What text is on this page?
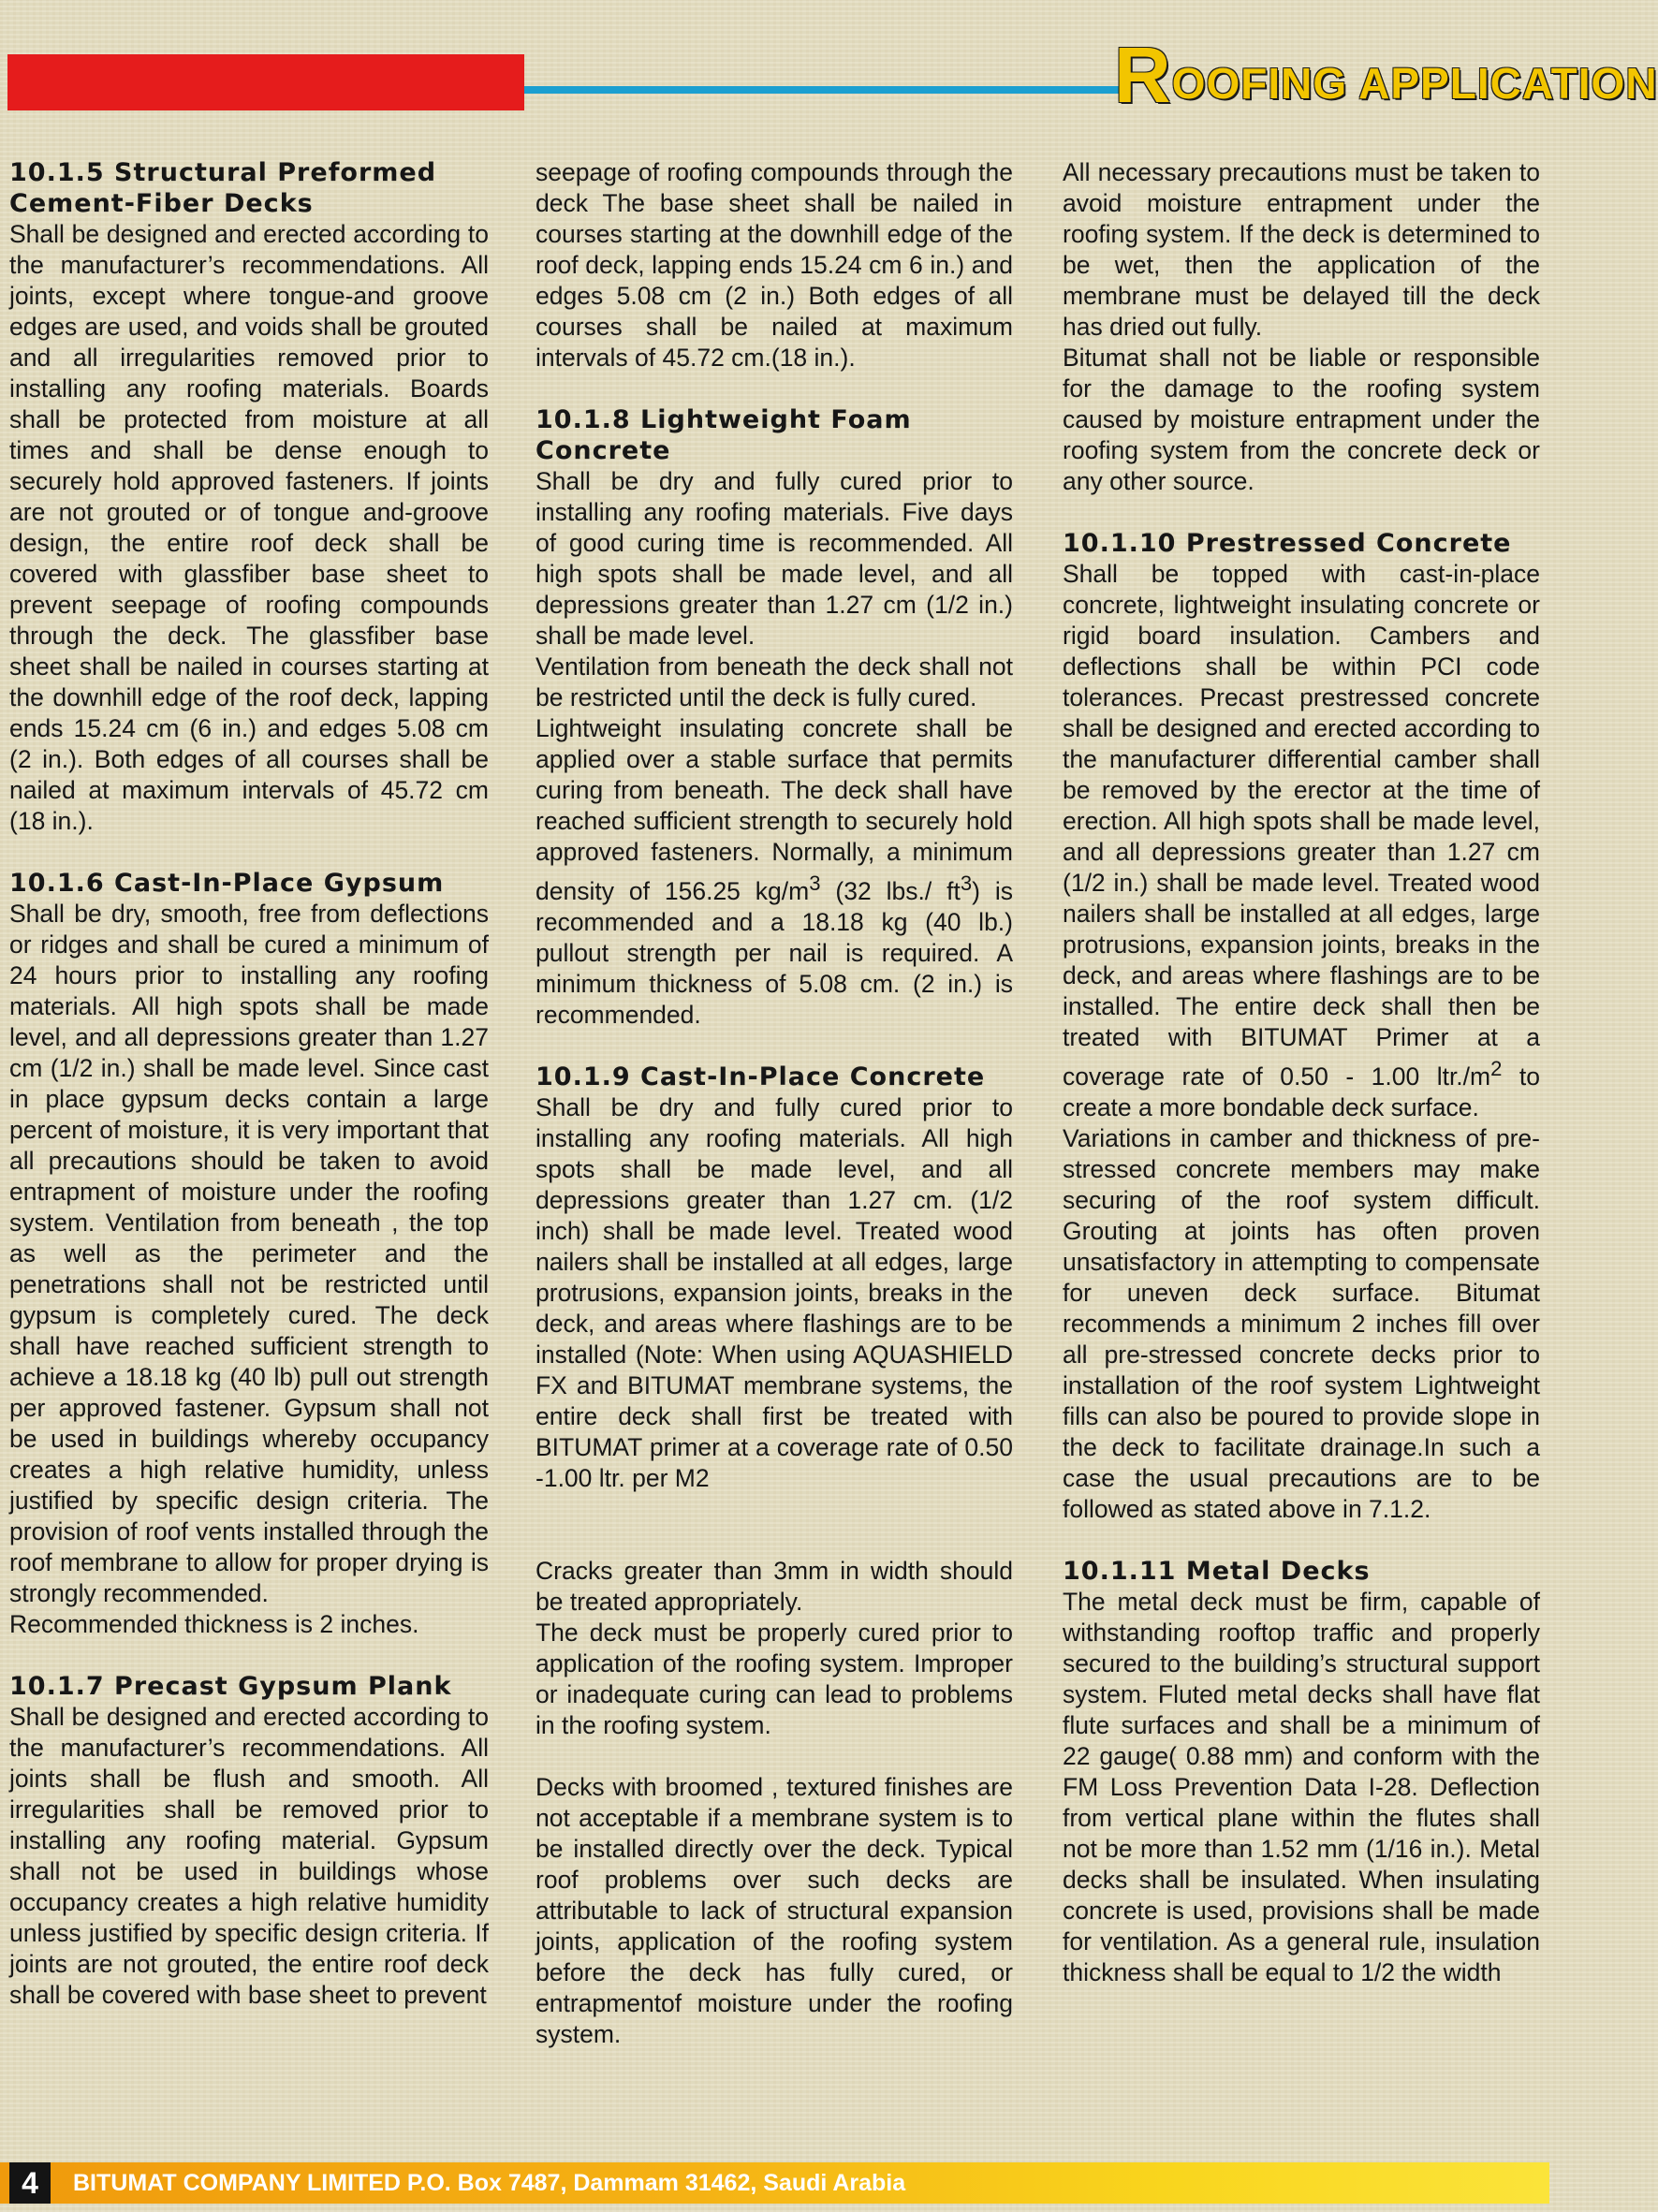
ROOFING APPLICATION
10.1.5 Structural Preformed Cement-Fiber Decks

Shall be designed and erected according to the manufacturer’s recommendations. All joints, except where tongue-and groove edges are used, and voids shall be grouted and all irregularities removed prior to installing any roofing materials. Boards shall be protected from moisture at all times and shall be dense enough to securely hold approved fasteners. If joints are not grouted or of tongue and-groove design, the entire roof deck shall be covered with glassfiber base sheet to prevent seepage of roofing compounds through the deck. The glassfiber base sheet shall be nailed in courses starting at the downhill edge of the roof deck, lapping ends 15.24 cm (6 in.) and edges 5.08 cm (2 in.). Both edges of all courses shall be nailed at maximum intervals of 45.72 cm (18 in.).

10.1.6 Cast-In-Place Gypsum

Shall be dry, smooth, free from deflections or ridges and shall be cured a minimum of 24 hours prior to installing any roofing materials. All high spots shall be made level, and all depressions greater than 1.27 cm (1/2 in.) shall be made level. Since cast in place gypsum decks contain a large percent of moisture, it is very important that all precautions should be taken to avoid entrapment of moisture under the roofing system. Ventilation from beneath , the top as well as the perimeter and the penetrations shall not be restricted until gypsum is completely cured. The deck shall have reached sufficient strength to achieve a 18.18 kg (40 lb) pull out strength per approved fastener. Gypsum shall not be used in buildings whereby occupancy creates a high relative humidity, unless justified by specific design criteria. The provision of roof vents installed through the roof membrane to allow for proper drying is strongly recommended.

Recommended thickness is 2 inches.

10.1.7 Precast Gypsum Plank

Shall be designed and erected according to the manufacturer’s recommendations. All joints shall be flush and smooth. All irregularities shall be removed prior to installing any roofing material. Gypsum shall not be used in buildings whose occupancy creates a high relative humidity unless justified by specific design criteria. If joints are not grouted, the entire roof deck shall be covered with base sheet to prevent

seepage of roofing compounds through the deck The base sheet shall be nailed in courses starting at the downhill edge of the roof deck, lapping ends 15.24 cm 6 in.) and edges 5.08 cm (2 in.) Both edges of all courses shall be nailed at maximum intervals of 45.72 cm.(18 in.).

10.1.8 Lightweight Foam Concrete

Shall be dry and fully cured prior to installing any roofing materials. Five days of good curing time is recommended. All high spots shall be made level, and all depressions greater than 1.27 cm (1/2 in.) shall be made level.

Ventilation from beneath the deck shall not be restricted until the deck is fully cured.

Lightweight insulating concrete shall be applied over a stable surface that permits curing from beneath. The deck shall have reached sufficient strength to securely hold approved fasteners. Normally, a minimum density of 156.25 $kg/m^3$ (32 lbs./ $ft^3$) is recommended and a 18.18 kg (40 lb.) pullout strength per nail is required. A minimum thickness of 5.08 cm. (2 in.) is recommended.

10.1.9 Cast-In-Place Concrete

Shall be dry and fully cured prior to installing any roofing materials. All high spots shall be made level, and all depressions greater than 1.27 cm. (1/2 inch) shall be made level. Treated wood nailers shall be installed at all edges, large protrusions, expansion joints, breaks in the deck, and areas where flashings are to be installed (Note: When using AQUASHIELD FX and BITUMAT membrane systems, the entire deck shall first be treated with BITUMAT primer at a coverage rate of 0.50 -1.00 ltr. per M2

Cracks greater than 3mm in width should be treated appropriately.

The deck must be properly cured prior to application of the roofing system. Improper or inadequate curing can lead to problems in the roofing system.

Decks with broomed , textured finishes are not acceptable if a membrane system is to be installed directly over the deck. Typical roof problems over such decks are attributable to lack of structural expansion joints, application of the roofing system before the deck has fully cured, or entrapmentof moisture under the roofing system.

All necessary precautions must be taken to avoid moisture entrapment under the roofing system. If the deck is determined to be wet, then the application of the membrane must be delayed till the deck has dried out fully.

Bitumat shall not be liable or responsible for the damage to the roofing system caused by moisture entrapment under the roofing system from the concrete deck or any other source.

10.1.10 Prestressed Concrete

Shall be topped with cast-in-place concrete, lightweight insulating concrete or rigid board insulation. Cambers and deflections shall be within PCI code tolerances. Precast prestressed concrete shall be designed and erected according to the manufacturer differential camber shall be removed by the erector at the time of erection. All high spots shall be made level, and all depressions greater than 1.27 cm (1/2 in.) shall be made level. Treated wood nailers shall be installed at all edges, large protrusions, expansion joints, breaks in the deck, and areas where flashings are to be installed. The entire deck shall then be treated with BITUMAT Primer at a coverage rate of 0.50 - 1.00 $ltr./m^2$ to create a more bondable deck surface.

Variations in camber and thickness of pre-stressed concrete members may make securing of the roof system difficult. Grouting at joints has often proven unsatisfactory in attempting to compensate for uneven deck surface. Bitumat recommends a minimum 2 inches fill over all pre-stressed concrete decks prior to installation of the roof system Lightweight fills can also be poured to provide slope in the deck to facilitate drainage.In such a case the usual precautions are to be followed as stated above in 7.1.2.

10.1.11 Metal Decks

The metal deck must be firm, capable of withstanding rooftop traffic and properly secured to the building’s structural support system. Fluted metal decks shall have flat flute surfaces and shall be a minimum of 22 gauge( 0.88 mm) and conform with the FM Loss Prevention Data I-28. Deflection from vertical plane within the flutes shall not be more than 1.52 mm (1/16 in.). Metal decks shall be insulated. When insulating concrete is used, provisions shall be made for ventilation. As a general rule, insulation thickness shall be equal to 1/2 the width

4	BITUMAT COMPANY LIMITED P.O. Box 7487, Dammam 31462, Saudi Arabia
